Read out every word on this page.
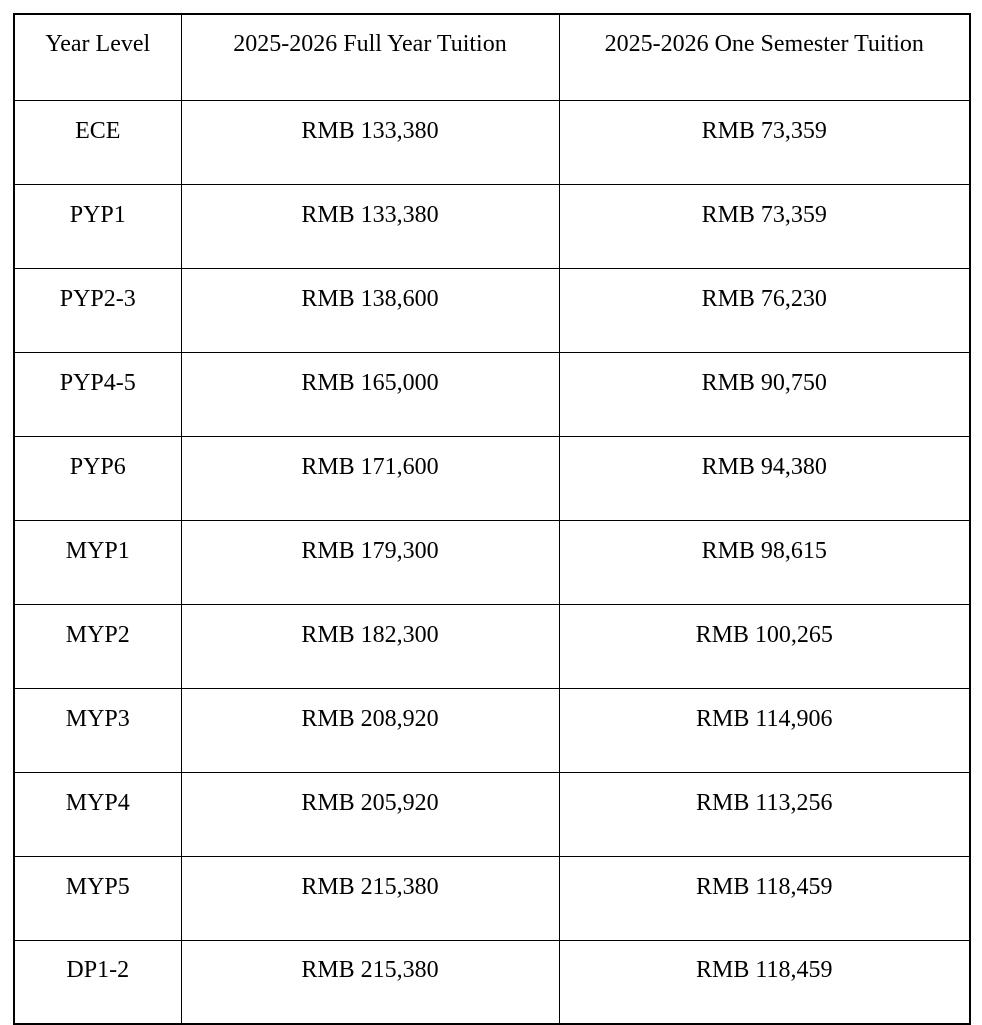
Year Level	2025-2026 Full Year Tuition	2025-2026 One Semester Tuition
ECE	RMB 133,380	RMB 73,359
PYP1	RMB 133,380	RMB 73,359
PYP2-3	RMB 138,600	RMB 76,230
PYP4-5	RMB 165,000	RMB 90,750
PYP6	RMB 171,600	RMB 94,380
MYP1	RMB 179,300	RMB 98,615
MYP2	RMB 182,300	RMB 100,265
MYP3	RMB 208,920	RMB 114,906
MYP4	RMB 205,920	RMB 113,256
MYP5	RMB 215,380	RMB 118,459
DP1-2	RMB 215,380	RMB 118,459
